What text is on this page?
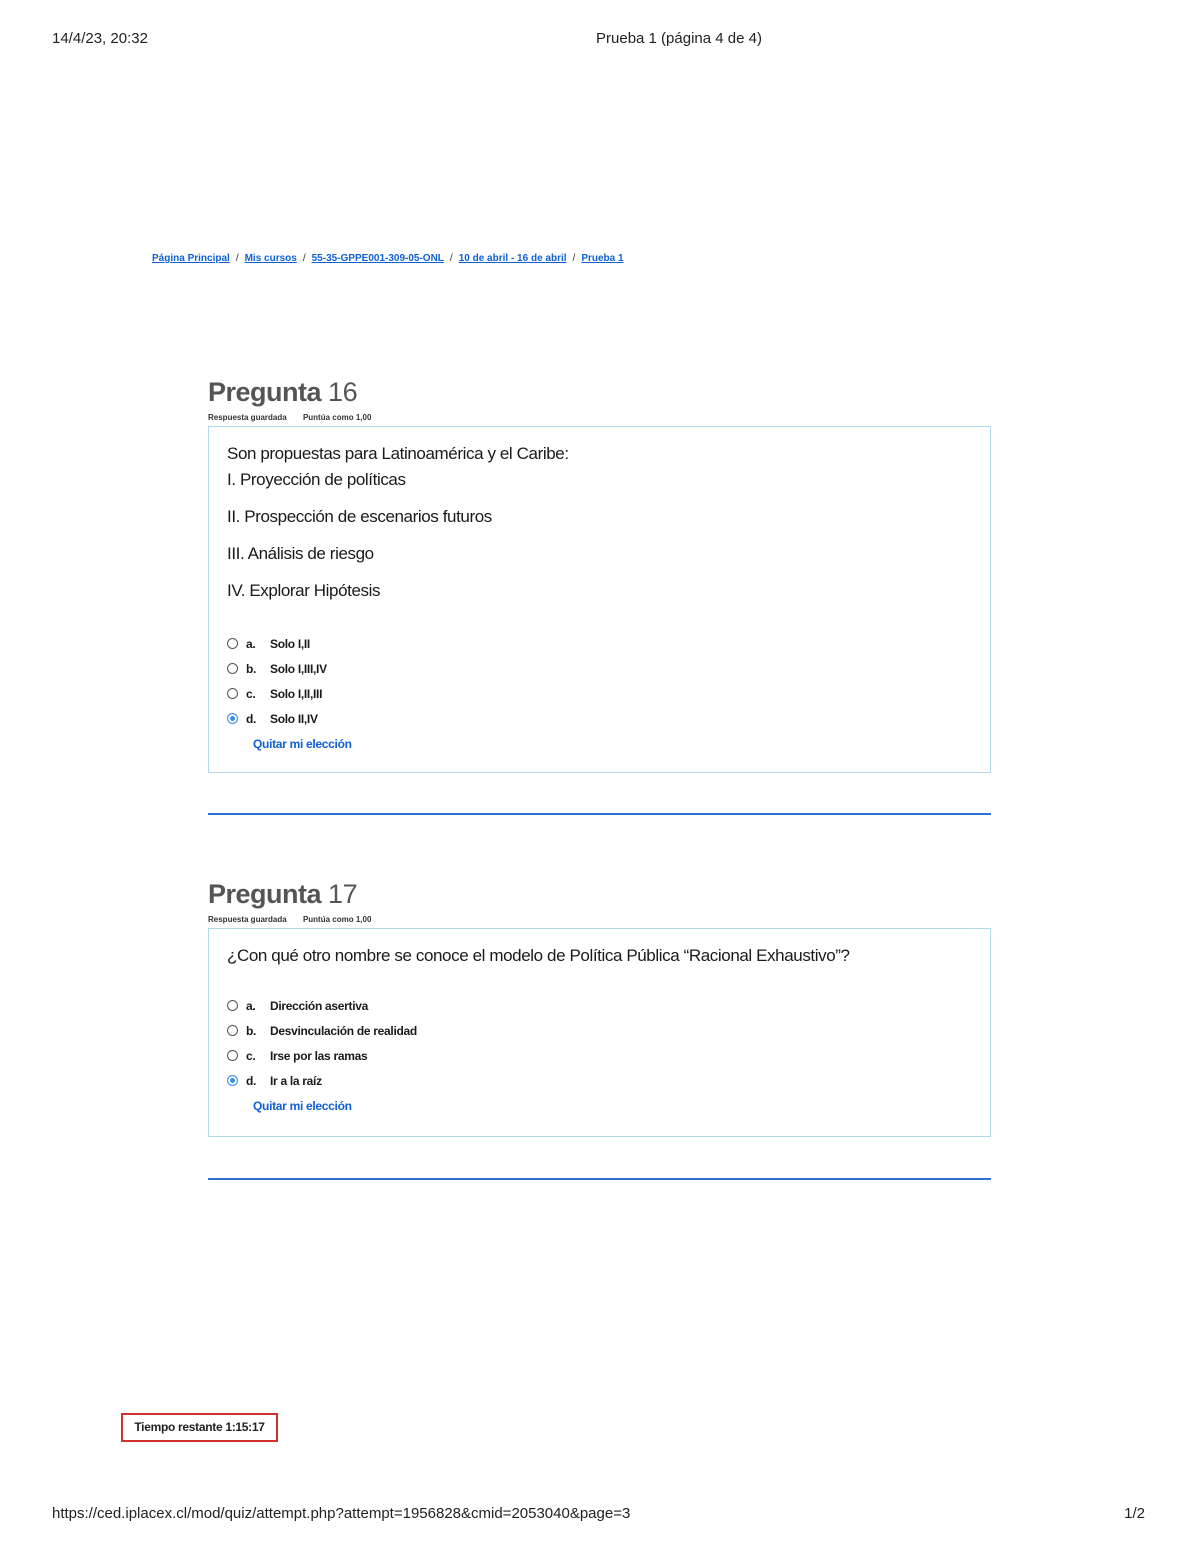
14/4/23, 20:32	Prueba 1 (página 4 de 4)
Página Principal / Mis cursos / 55-35-GPPE001-309-05-ONL / 10 de abril - 16 de abril / Prueba 1
Pregunta 16
Respuesta guardada Puntúa como 1,00

Son propuestas para Latinoamérica y el Caribe:

I. Proyección de políticas

II. Prospección de escenarios futuros

III. Análisis de riesgo

IV. Explorar Hipótesis

a.	Solo I,II
b.	Solo I,III,IV
c.	Solo I,II,III
d.	Solo II,IV
Quitar mi elección
Pregunta 17
Respuesta guardada Puntúa como 1,00

¿Con qué otro nombre se conoce el modelo de Política Pública “Racional Exhaustivo”?

a.	Dirección asertiva
b.	Desvinculación de realidad
c.	Irse por las ramas
d.	Ir a la raíz
Quitar mi elección
Tiempo restante 1:15:17
https://ced.iplacex.cl/mod/quiz/attempt.php?attempt=1956828&cmid=2053040&page=3	1/2
